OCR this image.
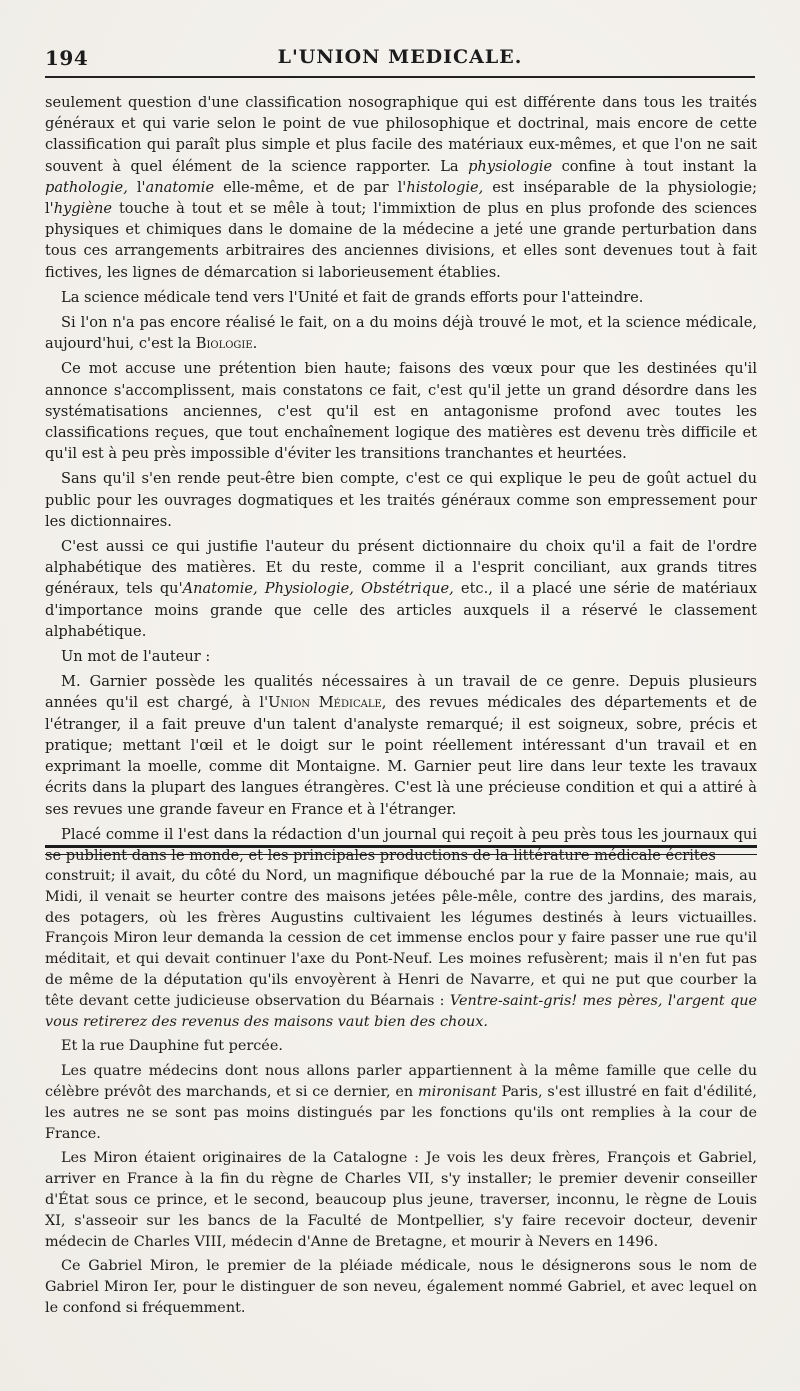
194	L'UNION MEDICALE.

seulement question d'une classification nosographique qui est différente dans tous les traités généraux et qui varie selon le point de vue philosophique et doctrinal, mais encore de cette classification qui paraît plus simple et plus facile des matériaux eux-mêmes, et que l'on ne sait souvent à quel élément de la science rapporter. La physiologie confine à tout instant la pathologie, l'anatomie elle-même, et de par l'histologie, est inséparable de la physiologie; l'hygiène touche à tout et se mêle à tout; l'immixtion de plus en plus profonde des sciences physiques et chimiques dans le domaine de la médecine a jeté une grande perturbation dans tous ces arrangements arbitraires des anciennes divisions, et elles sont devenues tout à fait fictives, les lignes de démarcation si laborieusement établies.

La science médicale tend vers l'Unité et fait de grands efforts pour l'atteindre.

Si l'on n'a pas encore réalisé le fait, on a du moins déjà trouvé le mot, et la science médicale, aujourd'hui, c'est la Biologie.

Ce mot accuse une prétention bien haute; faisons des vœux pour que les destinées qu'il annonce s'accomplissent, mais constatons ce fait, c'est qu'il jette un grand désordre dans les systématisations anciennes, c'est qu'il est en antagonisme profond avec toutes les classifications reçues, que tout enchaînement logique des matières est devenu très difficile et qu'il est à peu près impossible d'éviter les transitions tranchantes et heurtées.

Sans qu'il s'en rende peut-être bien compte, c'est ce qui explique le peu de goût actuel du public pour les ouvrages dogmatiques et les traités généraux comme son empressement pour les dictionnaires.

C'est aussi ce qui justifie l'auteur du présent dictionnaire du choix qu'il a fait de l'ordre alphabétique des matières. Et du reste, comme il a l'esprit conciliant, aux grands titres généraux, tels qu'Anatomie, Physiologie, Obstétrique, etc., il a placé une série de matériaux d'importance moins grande que celle des articles auxquels il a réservé le classement alphabétique.

Un mot de l'auteur :

M. Garnier possède les qualités nécessaires à un travail de ce genre. Depuis plusieurs années qu'il est chargé, à l'Union Médicale, des revues médicales des départements et de l'étranger, il a fait preuve d'un talent d'analyste remarqué; il est soigneux, sobre, précis et pratique; mettant l'œil et le doigt sur le point réellement intéressant d'un travail et en exprimant la moelle, comme dit Montaigne. M. Garnier peut lire dans leur texte les travaux écrits dans la plupart des langues étrangères. C'est là une précieuse condition et qui a attiré à ses revues une grande faveur en France et à l'étranger.

Placé comme il l'est dans la rédaction d'un journal qui reçoit à peu près tous les journaux qui se publient dans le monde, et les principales productions de la littérature médicale écrites

construit; il avait, du côté du Nord, un magnifique débouché par la rue de la Monnaie; mais, au Midi, il venait se heurter contre des maisons jetées pêle-mêle, contre des jardins, des marais, des potagers, où les frères Augustins cultivaient les légumes destinés à leurs victuailles. François Miron leur demanda la cession de cet immense enclos pour y faire passer une rue qu'il méditait, et qui devait continuer l'axe du Pont-Neuf. Les moines refusèrent; mais il n'en fut pas de même de la députation qu'ils envoyèrent à Henri de Navarre, et qui ne put que courber la tête devant cette judicieuse observation du Béarnais : Ventre-saint-gris! mes pères, l'argent que vous retirerez des revenus des maisons vaut bien des choux.

Et la rue Dauphine fut percée.

Les quatre médecins dont nous allons parler appartiennent à la même famille que celle du célèbre prévôt des marchands, et si ce dernier, en mironisant Paris, s'est illustré en fait d'édilité, les autres ne se sont pas moins distingués par les fonctions qu'ils ont remplies à la cour de France.

Les Miron étaient originaires de la Catalogne : Je vois les deux frères, François et Gabriel, arriver en France à la fin du règne de Charles VII, s'y installer; le premier devenir conseiller d'État sous ce prince, et le second, beaucoup plus jeune, traverser, inconnu, le règne de Louis XI, s'asseoir sur les bancs de la Faculté de Montpellier, s'y faire recevoir docteur, devenir médecin de Charles VIII, médecin d'Anne de Bretagne, et mourir à Nevers en 1496.

Ce Gabriel Miron, le premier de la pléiade médicale, nous le désignerons sous le nom de Gabriel Miron Ier, pour le distinguer de son neveu, également nommé Gabriel, et avec lequel on le confond si fréquemment.
